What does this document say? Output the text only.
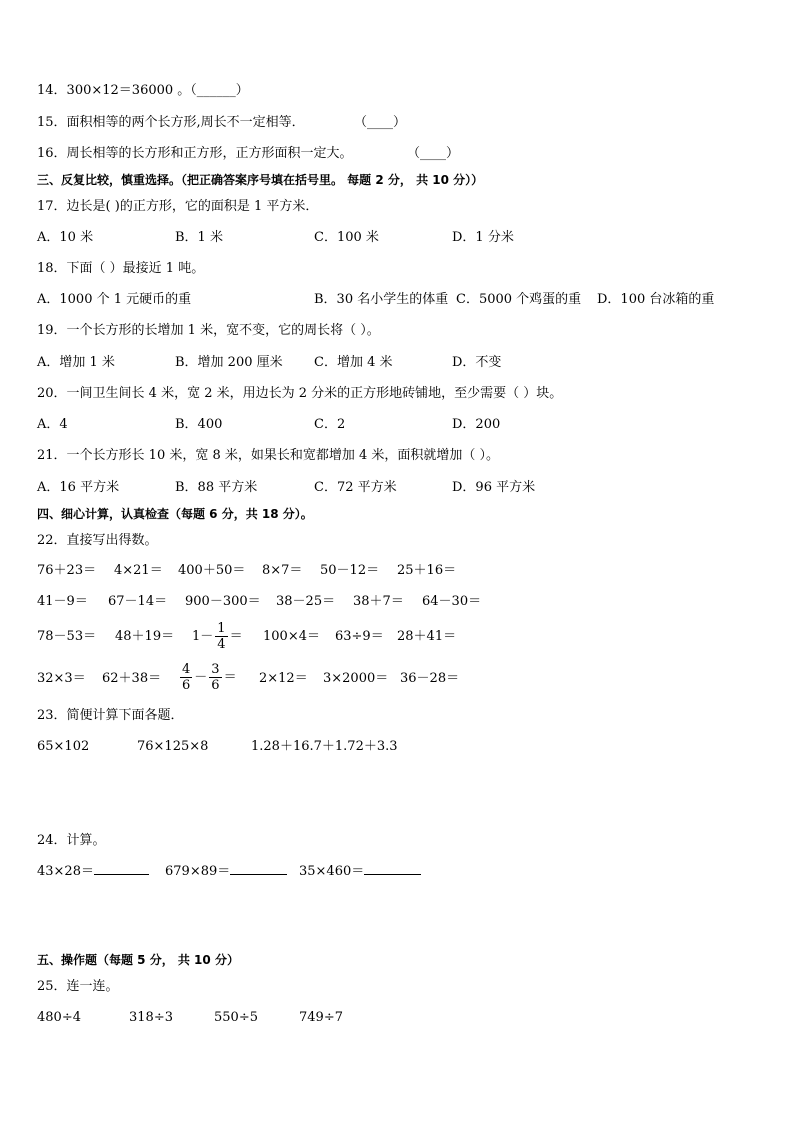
14．300×12＝36000 。（______）
15．面积相等的两个长方形,周长不一定相等．	（____）
16．周长相等的长方形和正方形，正方形面积一定大。	（____）
三、反复比较，慎重选择。（把正确答案序号填在括号里。 每题 2 分， 共 10 分））
17．边长是( )的正方形，它的面积是 1 平方米．
A．10 米	B．1 米	C．100 米	D．1 分米
18．下面（ ）最接近 1 吨。
A．1000 个 1 元硬币的重	B．30 名小学生的体重 C．5000 个鸡蛋的重 D．100 台冰箱的重
19．一个长方形的长增加 1 米，宽不变，它的周长将（ ）。
A．增加 1 米	B．增加 200 厘米 C．增加 4 米	D．不变
20．一间卫生间长 4 米，宽 2 米，用边长为 2 分米的正方形地砖铺地，至少需要（ ）块。
A．4	B．400	C．2	D．200
21．一个长方形长 10 米，宽 8 米，如果长和宽都增加 4 米，面积就增加（ ）。
A．16 平方米	B．88 平方米	C．72 平方米	D．96 平方米
四、细心计算，认真检查（每题 6 分，共 18 分）。
22．直接写出得数。
76＋23＝ 4×21＝ 400＋50＝ 8×7＝ 50－12＝ 25＋16＝
41－9＝ 67－14＝ 900－300＝ 38－25＝ 38＋7＝ 64－30＝
$78-53= 48+19= 1- \frac{1}{4} = 100\times 4= 63\div 9= 28+41=$
$32\times 3= 62+38= \frac{4}{6} - \frac{3}{6} = 2\times 12= 3\times 2000= 36-28=$
23．简便计算下面各题．
65×102	76×125×8	1.28＋16.7＋1.72＋3.3
24．计算。
43×28＝	679×89＝	35×460＝
五、操作题（每题 5 分， 共 10 分）
25．连一连。
480÷4	318÷3	550÷5	749÷7
